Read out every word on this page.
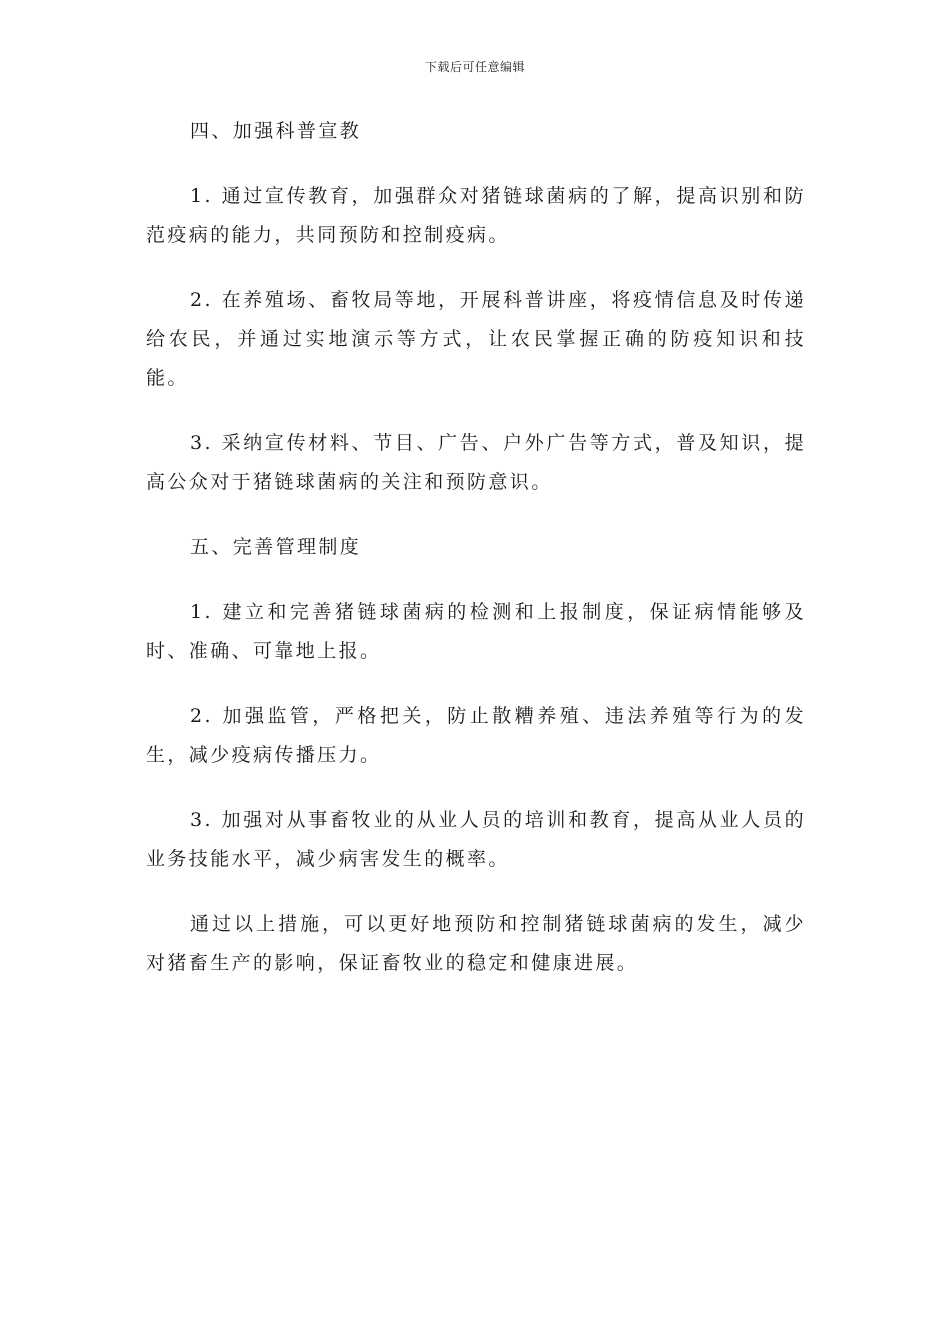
下载后可任意编辑

四、加强科普宣教

1. 通过宣传教育，加强群众对猪链球菌病的了解，提高识别和防范疫病的能力，共同预防和控制疫病。

2. 在养殖场、畜牧局等地，开展科普讲座，将疫情信息及时传递给农民，并通过实地演示等方式，让农民掌握正确的防疫知识和技能。

3. 采纳宣传材料、节目、广告、户外广告等方式，普及知识，提高公众对于猪链球菌病的关注和预防意识。

五、完善管理制度

1. 建立和完善猪链球菌病的检测和上报制度，保证病情能够及时、准确、可靠地上报。

2. 加强监管，严格把关，防止散糟养殖、违法养殖等行为的发生，减少疫病传播压力。

3. 加强对从事畜牧业的从业人员的培训和教育，提高从业人员的业务技能水平，减少病害发生的概率。

通过以上措施，可以更好地预防和控制猪链球菌病的发生，减少对猪畜生产的影响，保证畜牧业的稳定和健康进展。
